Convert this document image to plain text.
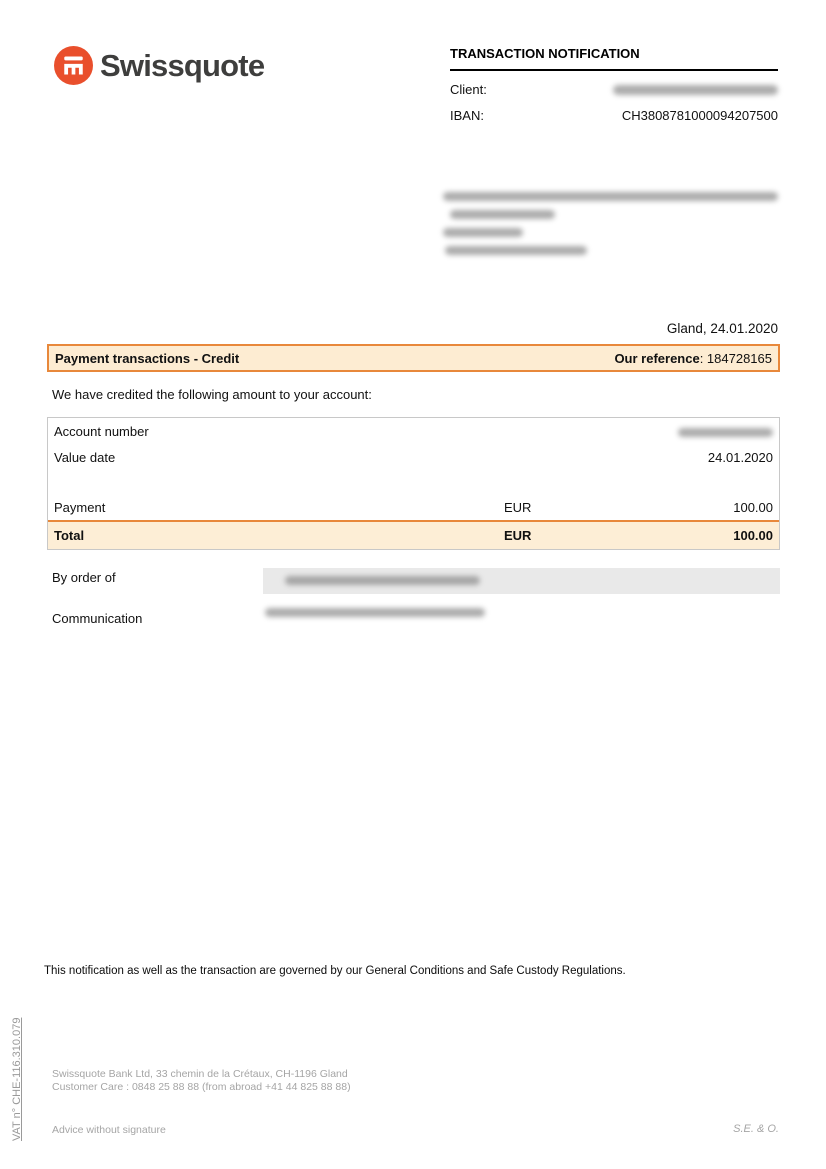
Swissquote	TRANSACTION NOTIFICATION
Client:
IBAN:	CH3808781000094207500
Gland, 24.01.2020
Payment transactions - Credit	Our reference: 184728165
We have credited the following amount to your account:
Account number
Value date	24.01.2020
Payment	EUR	100.00
Total	EUR	100.00
By order of
Communication
This notification as well as the transaction are governed by our General Conditions and Safe Custody Regulations.
VAT n° CHE-116.310.079	Swissquote Bank Ltd, 33 chemin de la Crétaux, CH-1196 Gland
Customer Care : 0848 25 88 88 (from abroad +41 44 825 88 88)
Advice without signature	S.E. & O.
